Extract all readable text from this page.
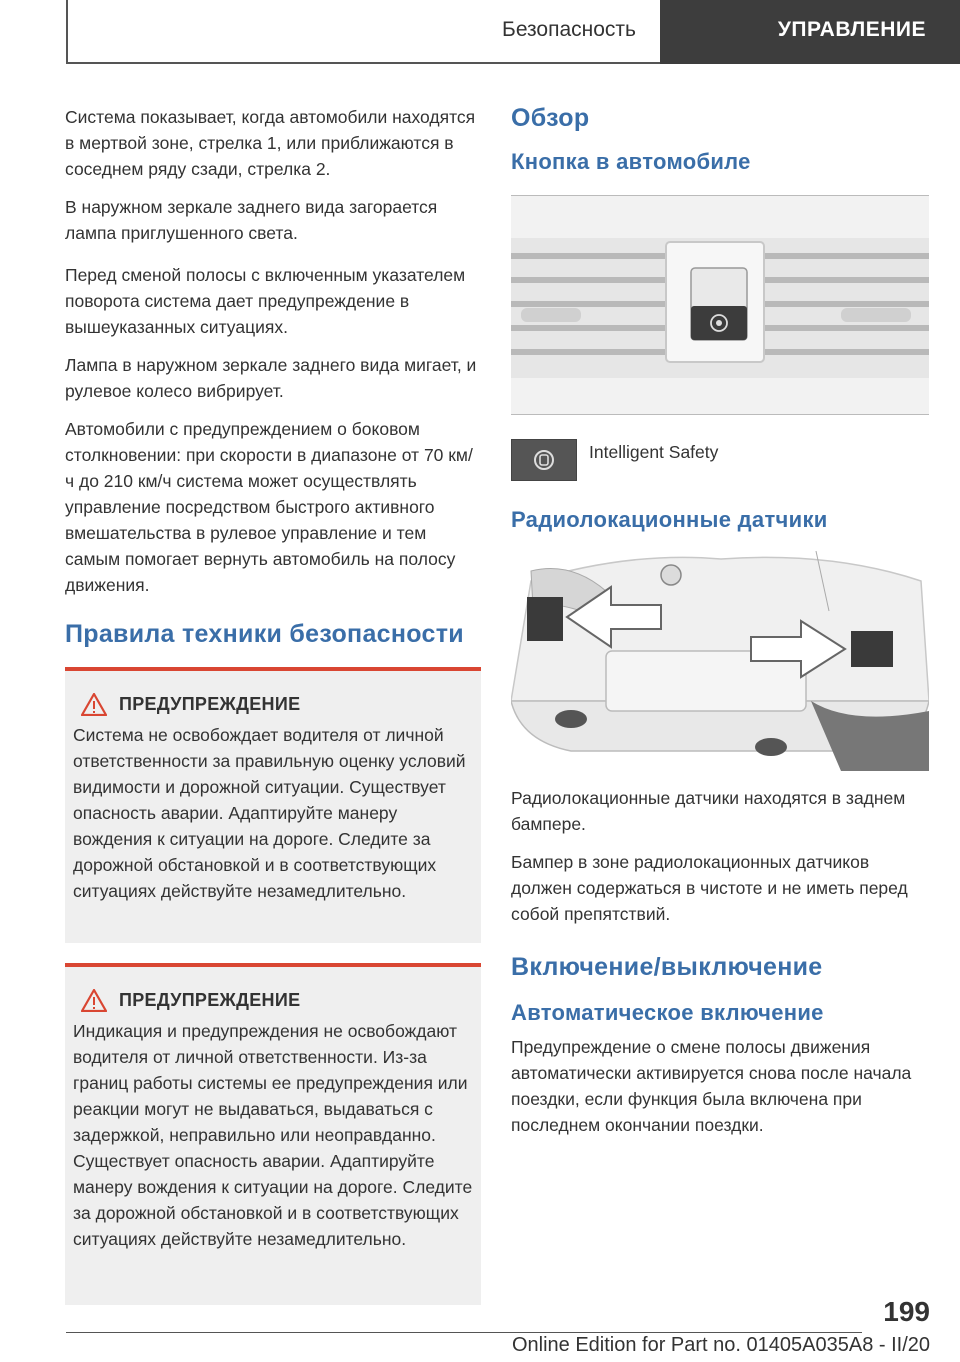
Безопасность	УПРАВЛЕНИЕ

Система показывает, когда автомобили находятся в мертвой зоне, стрелка 1, или приближаются в соседнем ряду сзади, стрелка 2.

В наружном зеркале заднего вида загорается лампа приглушенного света.

Перед сменой полосы с включенным указателем поворота система дает предупреждение в вышеуказанных ситуациях.

Лампа в наружном зеркале заднего вида мигает, и рулевое колесо вибрирует.

Автомобили с предупреждением о боковом столкновении: при скорости в диапазоне от 70 км/ч до 210 км/ч система может осуществлять управление посредством быстрого активного вмешательства в рулевое управление и тем самым помогает вернуть автомобиль на полосу движения.

Правила техники безопасности
ПРЕДУПРЕЖДЕНИЕ

Система не освобождает водителя от личной ответственности за правильную оценку условий видимости и дорожной ситуации. Существует опасность аварии. Адаптируйте манеру вождения к ситуации на дороге. Следите за дорожной обстановкой и в соответствующих ситуациях действуйте незамедлительно.

ПРЕДУПРЕЖДЕНИЕ

Индикация и предупреждения не освобождают водителя от личной ответственности. Из-за границ работы системы ее предупреждения или реакции могут не выдаваться, выдаваться с задержкой, неправильно или неоправданно. Существует опасность аварии. Адаптируйте манеру вождения к ситуации на дороге. Следите за дорожной обстановкой и в соответствующих ситуациях действуйте незамедлительно.

Обзор
Кнопка в автомобиле

Intelligent Safety

Радиолокационные датчики

Радиолокационные датчики находятся в заднем бампере.

Бампер в зоне радиолокационных датчиков должен содержаться в чистоте и не иметь перед собой препятствий.

Включение/выключение
Автоматическое включение

Предупреждение о смене полосы движения автоматически активируется снова после начала поездки, если функция была включена при последнем окончании поездки.

199
Online Edition for Part no. 01405A035A8 - II/20
